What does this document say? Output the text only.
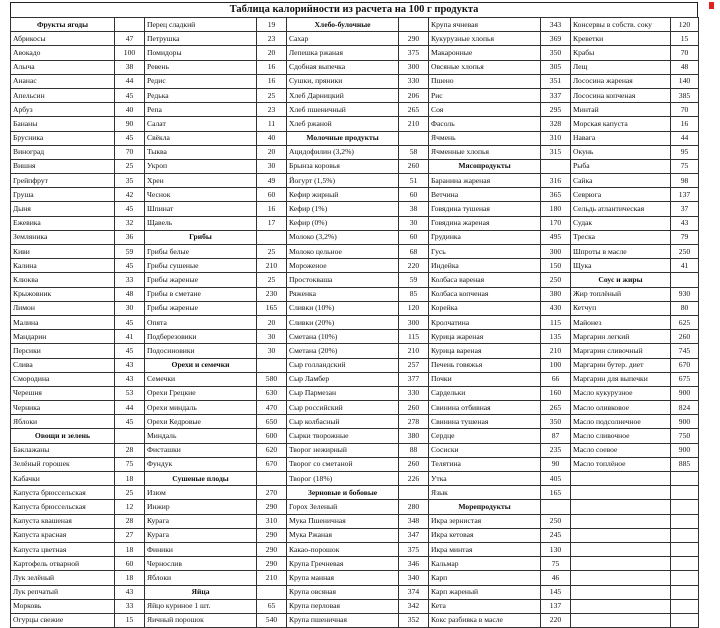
Таблица калорийности из расчета на 100 г продукта
Фрукты ягоды		Перец сладкий	19	Хлебо-булочные		Крупа ячневая	343	Консервы в собств. соку	120
Абрикосы	47	Петрушка	23	Сахар	290	Кукурузные хлопья	369	Креветки	15
Авокадо	100	Помидоры	20	Лепешка ржаная	375	Макаронные	350	Крабы	70
Алыча	38	Ревень	16	Сдобная выпечка	300	Овсяные хлопья	305	Лещ	48
Ананас	44	Редис	16	Сушки, пряники	330	Пшено	351	Лососина жареная	140
Апельсин	45	Редька	25	Хлеб Дарницкий	206	Рис	337	Лососина копченая	385
Арбуз	40	Репа	23	Хлеб пшеничный	265	Соя	295	Минтай	70
Бананы	90	Салат	11	Хлеб ржаной	210	Фасоль	328	Морская капуста	16
Брусника	45	Свёкла	40	Молочные продукты		Ячмень	310	Навага	44
Виноград	70	Тыква	20	Ацидофилин (3,2%)	58	Ячменные хлопья	315	Окунь	95
Вишня	25	Укроп	30	Брынза коровья	260	Мясопродукты		Рыба	75
Грейпфрут	35	Хрен	49	Йогурт (1,5%)	51	Баранина жареная	316	Сайка	98
Груша	42	Чеснок	60	Кефир жирный	60	Ветчина	365	Севрюга	137
Дыня	45	Шпинат	16	Кефир (1%)	38	Говядина тушеная	180	Сельдь атлантическая	37
Ежевика	32	Щавель	17	Кефир (0%)	30	Говядина жареная	170	Судак	43
Земляника	36	Грибы		Молоко (3,2%)	60	Грудинка	495	Треска	79
Киви	59	Грибы белые	25	Молоко цельное	68	Гусь	300	Шпроты в масле	250
Калина	45	Грибы сушеные	210	Мороженое	220	Индейка	150	Щука	41
Клюква	33	Грибы жареные	25	Простокваша	59	Колбаса вареная	250	Соус и жиры	
Крыжовник	48	Грибы в сметане	230	Ряженка	85	Колбаса копченая	380	Жир топлёный	930
Лимон	30	Грибы жареные	165	Сливки (10%)	120	Корейка	430	Кетчуп	80
Малина	45	Опята	20	Сливки (20%)	300	Кролчатина	115	Майонез	625
Мандарин	41	Подберезовики	30	Сметана (10%)	115	Курица жареная	135	Маргарин легкий	260
Персики	45	Подосиновики	30	Сметана (20%)	210	Курица вареная	210	Маргарин сливочный	745
Слива	43	Орехи и семечки		Сыр голландский	257	Печень говяжья	100	Маргарин бутер. диет	670
Смородина	43	Семечки	580	Сыр Ламбер	377	Почки	66	Маргарин для выпечки	675
Черешня	53	Орехи Грецкие	630	Сыр Пармезан	330	Сардельки	160	Масло кукурузное	900
Черника	44	Орехи миндаль	470	Сыр российский	260	Свинина отбивная	265	Масло оливковое	824
Яблоки	45	Орехи Кедровые	650	Сыр колбасный	278	Свинина тушеная	350	Масло подсолнечное	900
Овощи и зелень		Миндаль	600	Сырки творожные	380	Сердце	87	Масло сливочное	750
Баклажаны	28	Фисташки	620	Творог нежирный	88	Сосиски	235	Масло соевое	900
Зелёный горошек	75	Фундук	670	Творог со сметаной	260	Телятина	90	Масло топлёное	885
Кабачки	18	Сушеные плоды		Творог (18%)	226	Утка	405		
Капуста брюссельская	25	Изюм	270	Зерновые и бобовые		Язык	165		
Капуста брюссельская	12	Инжир	290	Горох Зеленый	280	Морепродукты			
Капуста квашеная	28	Курага	310	Мука Пшеничная	348	Икра зернистая	250		
Капуста красная	27	Курага	290	Мука Ржаная	347	Икра кетовая	245		
Капуста цветная	18	Финики	290	Какао-порошок	375	Икра минтая	130		
Картофель отварной	60	Чернослив	290	Крупа Гречневая	346	Кальмар	75		
Лук зелёный	18	Яблоки	210	Крупа манная	340	Карп	46		
Лук репчатый	43	Яйца		Крупа овсяная	374	Карп жареный	145		
Морковь	33	Яйцо куриное 1 шт.	65	Крупа перловая	342	Кета	137		
Огурцы свежие	15	Яичный порошок	540	Крупа пшеничная	352	Кокс разбивка в масле	220		
